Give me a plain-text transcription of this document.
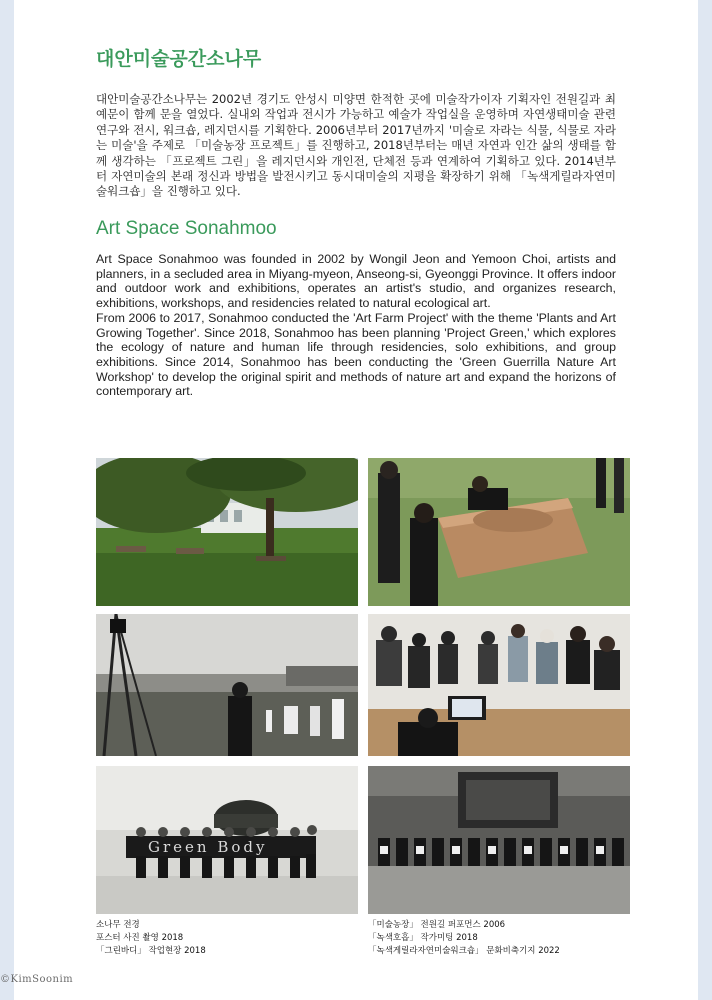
대안미술공간소나무

대안미술공간소나무는 2002년 경기도 안성시 미양면 한적한 곳에 미술작가이자 기획자인 전원길과 최예문이 함께 문을 열었다. 실내외 작업과 전시가 가능하고 예술가 작업실을 운영하며 자연생태미술 관련 연구와 전시, 워크숍, 레지던시를 기획한다. 2006년부터 2017년까지 '미술로 자라는 식물, 식물로 자라는 미술'을 주제로 「미술농장 프로젝트」를 진행하고, 2018년부터는 매년 자연과 인간 삶의 생태를 함께 생각하는 「프로젝트 그린」을 레지던시와 개인전, 단체전 등과 연계하여 기획하고 있다. 2014년부터 자연미술의 본래 정신과 방법을 발전시키고 동시대미술의 지평을 확장하기 위해 「녹색게릴라자연미술워크숍」을 진행하고 있다.

Art Space Sonahmoo
Art Space Sonahmoo was founded in 2002 by Wongil Jeon and Yemoon Choi, artists and planners, in a secluded area in Miyang-myeon, Anseong-si, Gyeonggi Province. It offers indoor and outdoor work and exhibitions, operates an artist's studio, and organizes research, exhibitions, workshops, and residencies related to natural ecological art.
From 2006 to 2017, Sonahmoo conducted the 'Art Farm Project' with the theme 'Plants and Art Growing Together'. Since 2018, Sonahmoo has been planning 'Project Green,' which explores the ecology of nature and human life through residencies, solo exhibitions, and group exhibitions. Since 2014, Sonahmoo has been conducting the 'Green Guerrilla Nature Art Workshop' to develop the original spirit and methods of nature art and expand the horizons of contemporary art.
Green Body
소나무 전경
포스터 사진 촬영 2018
「그린바디」 작업현장 2018
「미술농장」 전원길 퍼포먼스 2006
「녹색호흡」 작가미팅 2018
「녹색게릴라자연미술워크숍」 문화비축기지 2022
©KimSoonim
